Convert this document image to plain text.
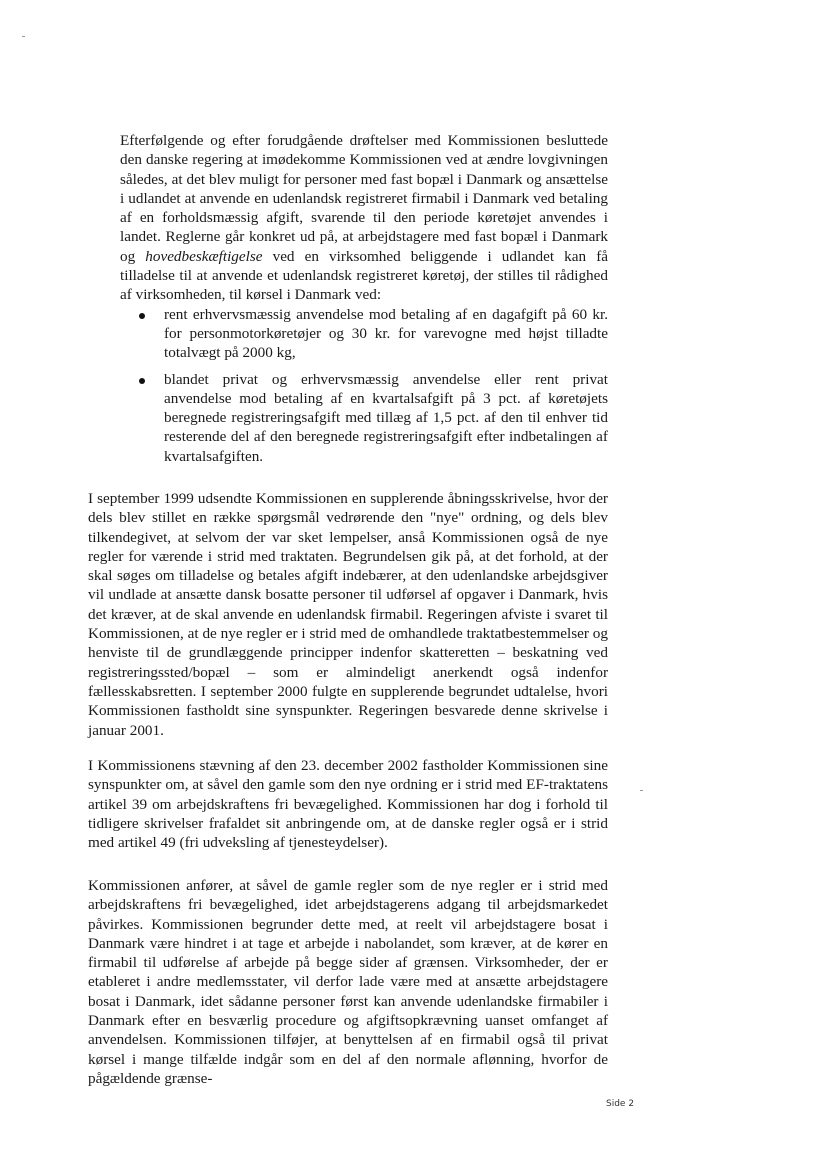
Efterfølgende og efter forudgående drøftelser med Kommissionen besluttede den danske regering at imødekomme Kommissionen ved at ændre lovgivningen således, at det blev muligt for personer med fast bopæl i Danmark og ansættelse i udlandet at anvende en udenlandsk registreret firmabil i Danmark ved betaling af en forholdsmæssig afgift, svarende til den periode køretøjet anvendes i landet. Reglerne går konkret ud på, at arbejdstagere med fast bopæl i Danmark og hovedbeskæftigelse ved en virksomhed beliggende i udlandet kan få tilladelse til at anvende et udenlandsk registreret køretøj, der stilles til rådighed af virksomheden, til kørsel i Danmark ved:

rent erhvervsmæssig anvendelse mod betaling af en dagafgift på 60 kr. for personmotorkøretøjer og 30 kr. for varevogne med højst tilladte totalvægt på 2000 kg,
blandet privat og erhvervsmæssig anvendelse eller rent privat anvendelse mod betaling af en kvartalsafgift på 3 pct. af køretøjets beregnede registreringsafgift med tillæg af 1,5 pct. af den til enhver tid resterende del af den beregnede registreringsafgift efter indbetalingen af kvartalsafgiften.

I september 1999 udsendte Kommissionen en supplerende åbningsskrivelse, hvor der dels blev stillet en række spørgsmål vedrørende den "nye" ordning, og dels blev tilkendegivet, at selvom der var sket lempelser, anså Kommissionen også de nye regler for værende i strid med traktaten. Begrundelsen gik på, at det forhold, at der skal søges om tilladelse og betales afgift indebærer, at den udenlandske arbejdsgiver vil undlade at ansætte dansk bosatte personer til udførsel af opgaver i Danmark, hvis det kræver, at de skal anvende en udenlandsk firmabil. Regeringen afviste i svaret til Kommissionen, at de nye regler er i strid med de omhandlede traktatbestemmelser og henviste til de grundlæggende principper indenfor skatteretten – beskatning ved registreringssted/bopæl – som er almindeligt anerkendt også indenfor fællesskabsretten. I september 2000 fulgte en supplerende begrundet udtalelse, hvori Kommissionen fastholdt sine synspunkter. Regeringen besvarede denne skrivelse i januar 2001.

I Kommissionens stævning af den 23. december 2002 fastholder Kommissionen sine synspunkter om, at såvel den gamle som den nye ordning er i strid med EF-traktatens artikel 39 om arbejdskraftens fri bevægelighed. Kommissionen har dog i forhold til tidligere skrivelser frafaldet sit anbringende om, at de danske regler også er i strid med artikel 49 (fri udveksling af tjenesteydelser).

Kommissionen anfører, at såvel de gamle regler som de nye regler er i strid med arbejdskraftens fri bevægelighed, idet arbejdstagerens adgang til arbejdsmarkedet påvirkes. Kommissionen begrunder dette med, at reelt vil arbejdstagere bosat i Danmark være hindret i at tage et arbejde i nabolandet, som kræver, at de kører en firmabil til udførelse af arbejde på begge sider af grænsen. Virksomheder, der er etableret i andre medlemsstater, vil derfor lade være med at ansætte arbejdstagere bosat i Danmark, idet sådanne personer først kan anvende udenlandske firmabiler i Danmark efter en besværlig procedure og afgiftsopkrævning uanset omfanget af anvendelsen. Kommissionen tilføjer, at benyttelsen af en firmabil også til privat kørsel i mange tilfælde indgår som en del af den normale aflønning, hvorfor de pågældende grænse-

Side 2
